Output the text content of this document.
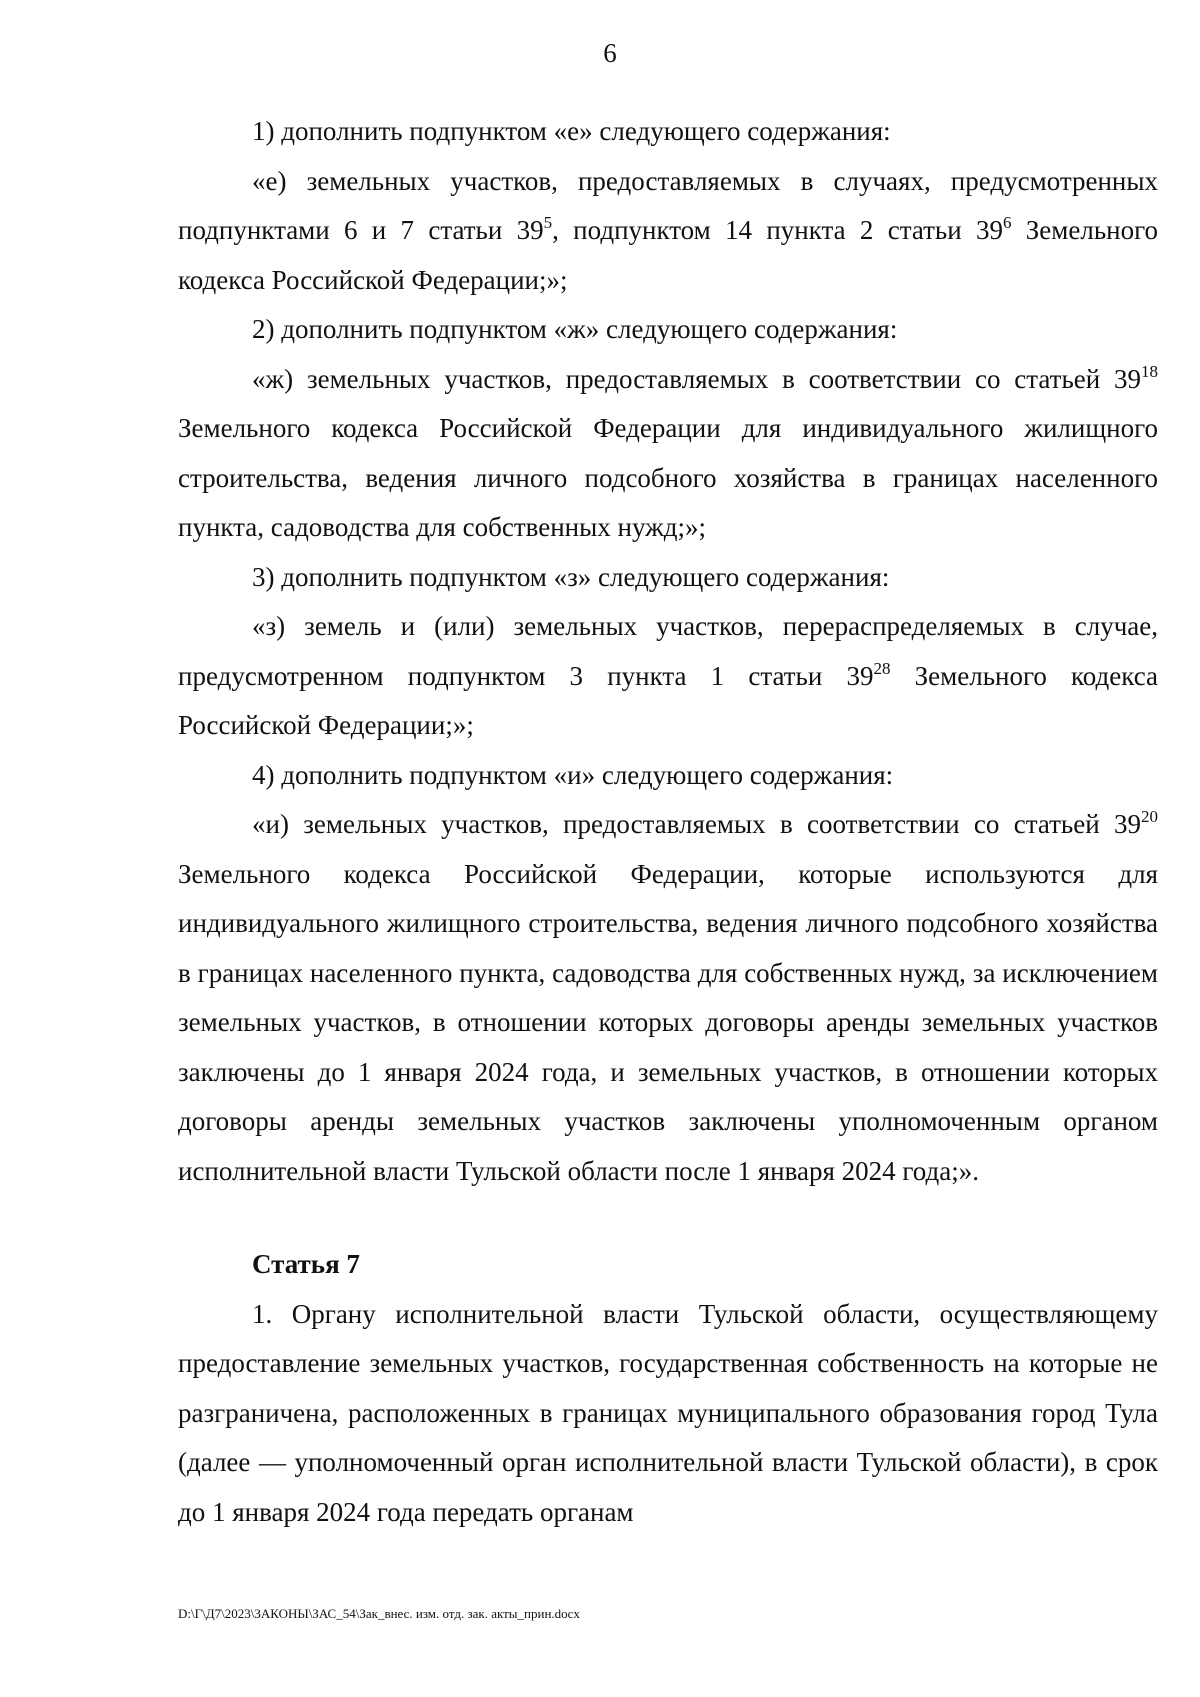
6

1) дополнить подпунктом «е» следующего содержания:

«е) земельных участков, предоставляемых в случаях, предусмотренных подпунктами 6 и 7 статьи $39^5$, подпунктом 14 пункта 2 статьи $39^6$ Земельного кодекса Российской Федерации;»;

2) дополнить подпунктом «ж» следующего содержания:

«ж) земельных участков, предоставляемых в соответствии со статьей $39^{18}$ Земельного кодекса Российской Федерации для индивидуального жилищного строительства, ведения личного подсобного хозяйства в границах населенного пункта, садоводства для собственных нужд;»;

3) дополнить подпунктом «з» следующего содержания:

«з) земель и (или) земельных участков, перераспределяемых в случае, предусмотренном подпунктом 3 пункта 1 статьи $39^{28}$ Земельного кодекса Российской Федерации;»;

4) дополнить подпунктом «и» следующего содержания:

«и) земельных участков, предоставляемых в соответствии со статьей $39^{20}$ Земельного кодекса Российской Федерации, которые используются для индивидуального жилищного строительства, ведения личного подсобного хозяйства в границах населенного пункта, садоводства для собственных нужд, за исключением земельных участков, в отношении которых договоры аренды земельных участков заключены до 1 января 2024 года, и земельных участков, в отношении которых договоры аренды земельных участков заключены уполномоченным органом исполнительной власти Тульской области после 1 января 2024 года;».

Статья 7

1. Органу исполнительной власти Тульской области, осуществляющему предоставление земельных участков, государственная собственность на которые не разграничена, расположенных в границах муниципального образования город Тула (далее — уполномоченный орган исполнительной власти Тульской области), в срок до 1 января 2024 года передать органам

D:\Г\Д7\2023\ЗАКОНЫ\ЗАС_54\Зак_внес. изм. отд. зак. акты_прин.docx
